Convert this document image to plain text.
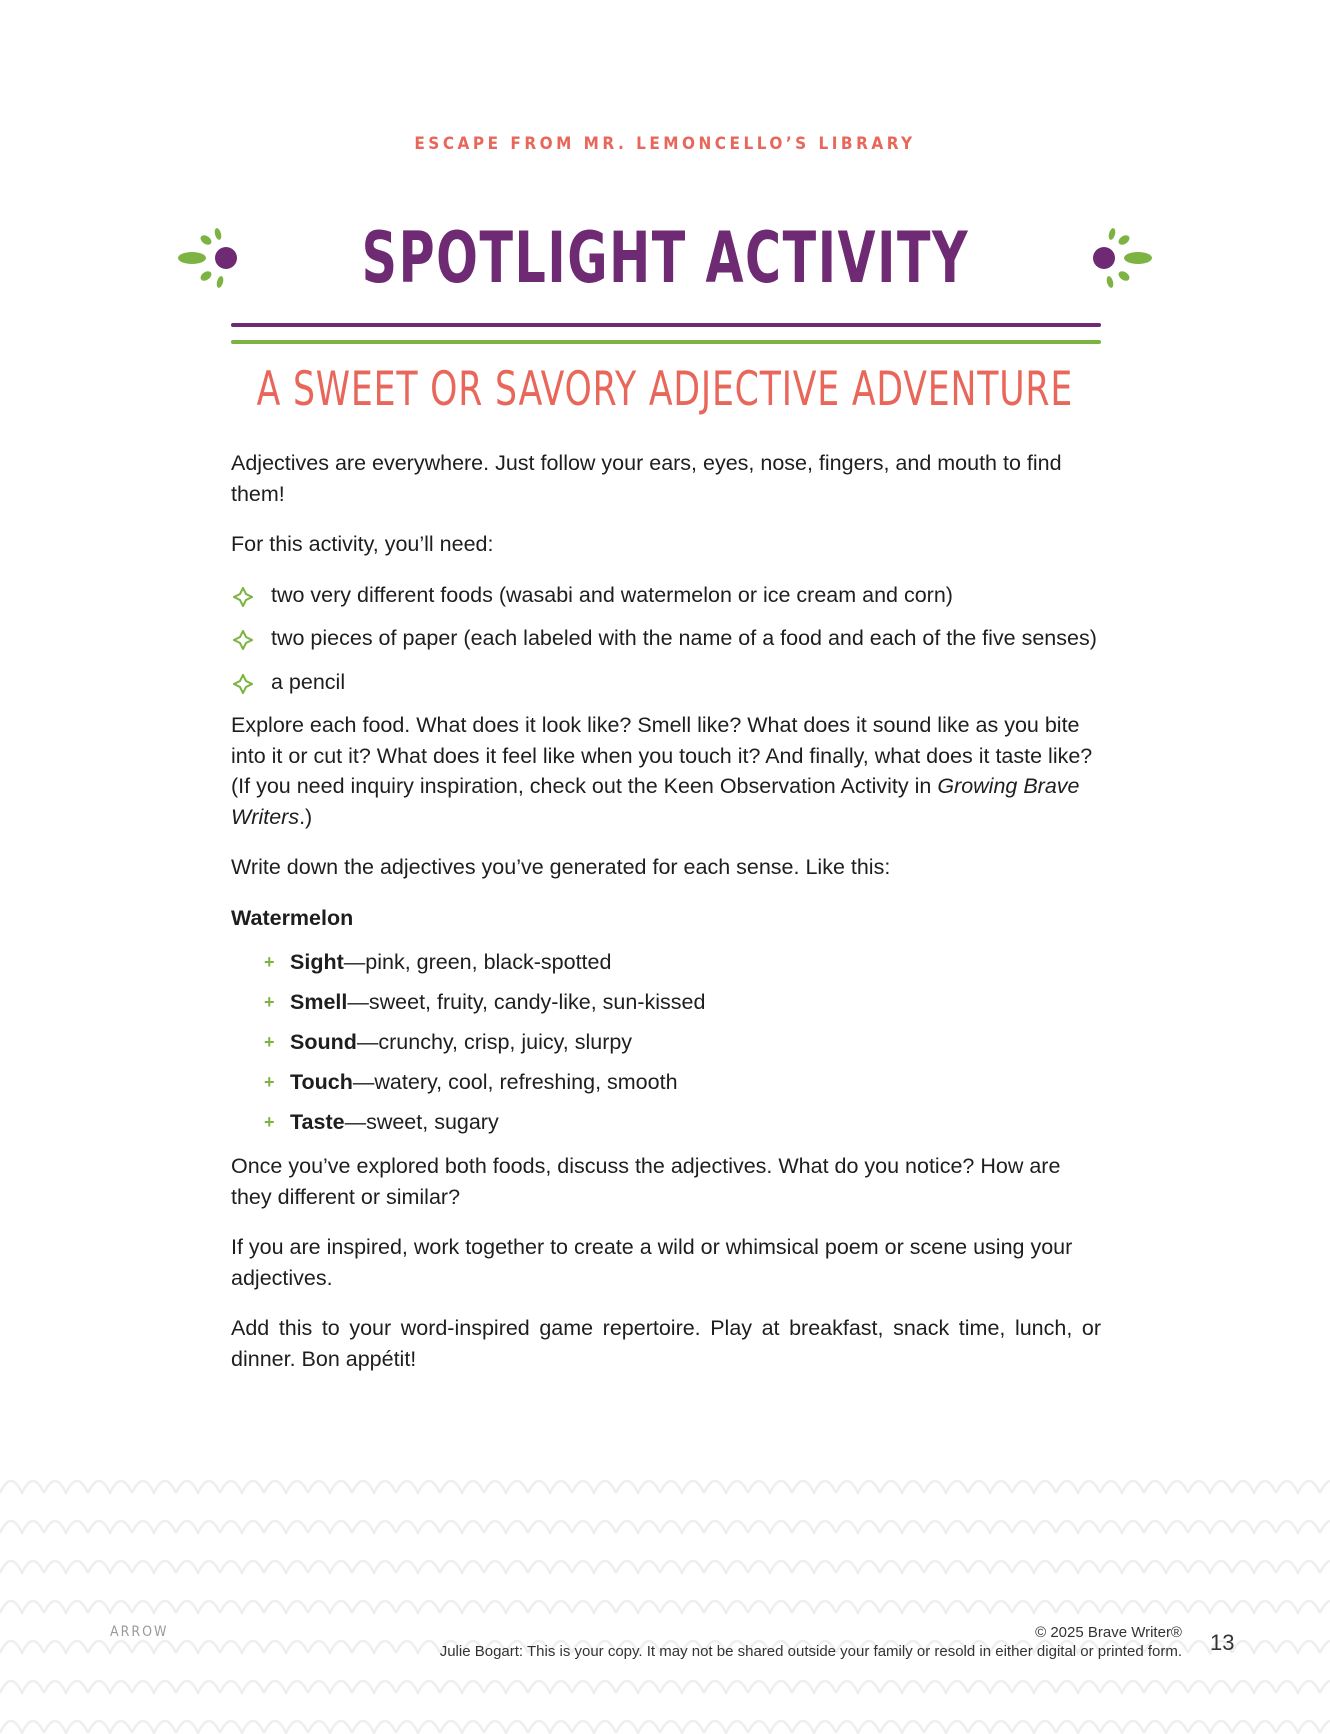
ESCAPE FROM MR. LEMONCELLO’S LIBRARY
SPOTLIGHT ACTIVITY
A SWEET OR SAVORY ADJECTIVE ADVENTURE

Adjectives are everywhere. Just follow your ears, eyes, nose, fingers, and mouth to find them!

For this activity, you’ll need:

two very different foods (wasabi and watermelon or ice cream and corn)
two pieces of paper (each labeled with the name of a food and each of the five senses)
a pencil

Explore each food. What does it look like? Smell like? What does it sound like as you bite into it or cut it? What does it feel like when you touch it? And finally, what does it taste like? (If you need inquiry inspiration, check out the Keen Observation Activity in Growing Brave Writers.)

Write down the adjectives you’ve generated for each sense. Like this:

Watermelon
+ Sight—pink, green, black-spotted
+ Smell—sweet, fruity, candy-like, sun-kissed
+ Sound—crunchy, crisp, juicy, slurpy
+ Touch—watery, cool, refreshing, smooth
+ Taste—sweet, sugary

Once you’ve explored both foods, discuss the adjectives. What do you notice? How are they different or similar?

If you are inspired, work together to create a wild or whimsical poem or scene using your adjectives.

Add this to your word-inspired game repertoire. Play at breakfast, snack time, lunch, or dinner. Bon appétit!

ARROW	© 2025 Brave Writer®
Julie Bogart: This is your copy. It may not be shared outside your family or resold in either digital or printed form. 13
